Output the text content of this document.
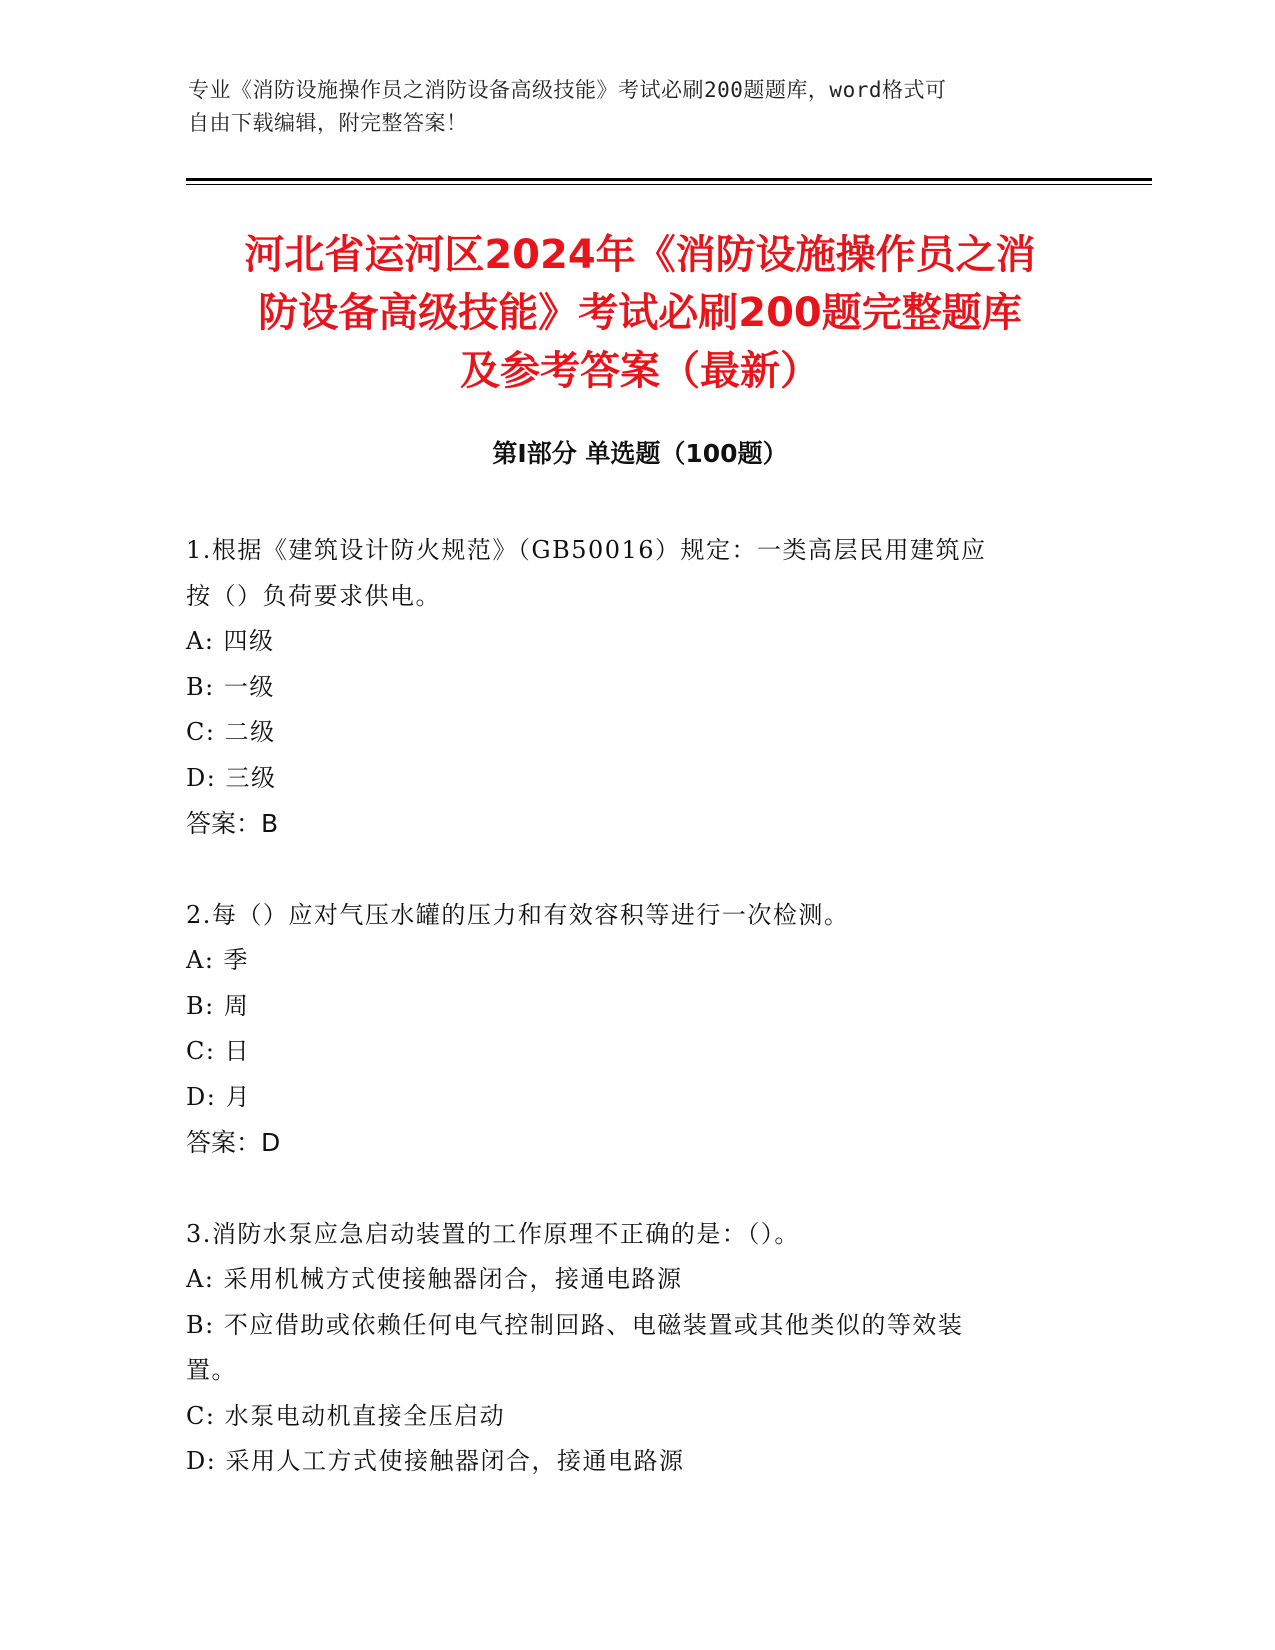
专业《消防设施操作员之消防设备高级技能》考试必刷200题题库，word格式可
自由下载编辑，附完整答案！
河北省运河区2024年《消防设施操作员之消
防设备高级技能》考试必刷200题完整题库
及参考答案（最新）
第Ⅰ部分 单选题（100题）

1.根据《建筑设计防火规范》（GB50016）规定：一类高层民用建筑应

按（）负荷要求供电。

A: 四级

B: 一级

C: 二级

D: 三级

答案：B

2.每（）应对气压水罐的压力和有效容积等进行一次检测。

A: 季

B: 周

C: 日

D: 月

答案：D

3.消防水泵应急启动装置的工作原理不正确的是：（）。

A: 采用机械方式使接触器闭合，接通电路源

B: 不应借助或依赖任何电气控制回路、电磁装置或其他类似的等效装

置。

C: 水泵电动机直接全压启动

D: 采用人工方式使接触器闭合，接通电路源
